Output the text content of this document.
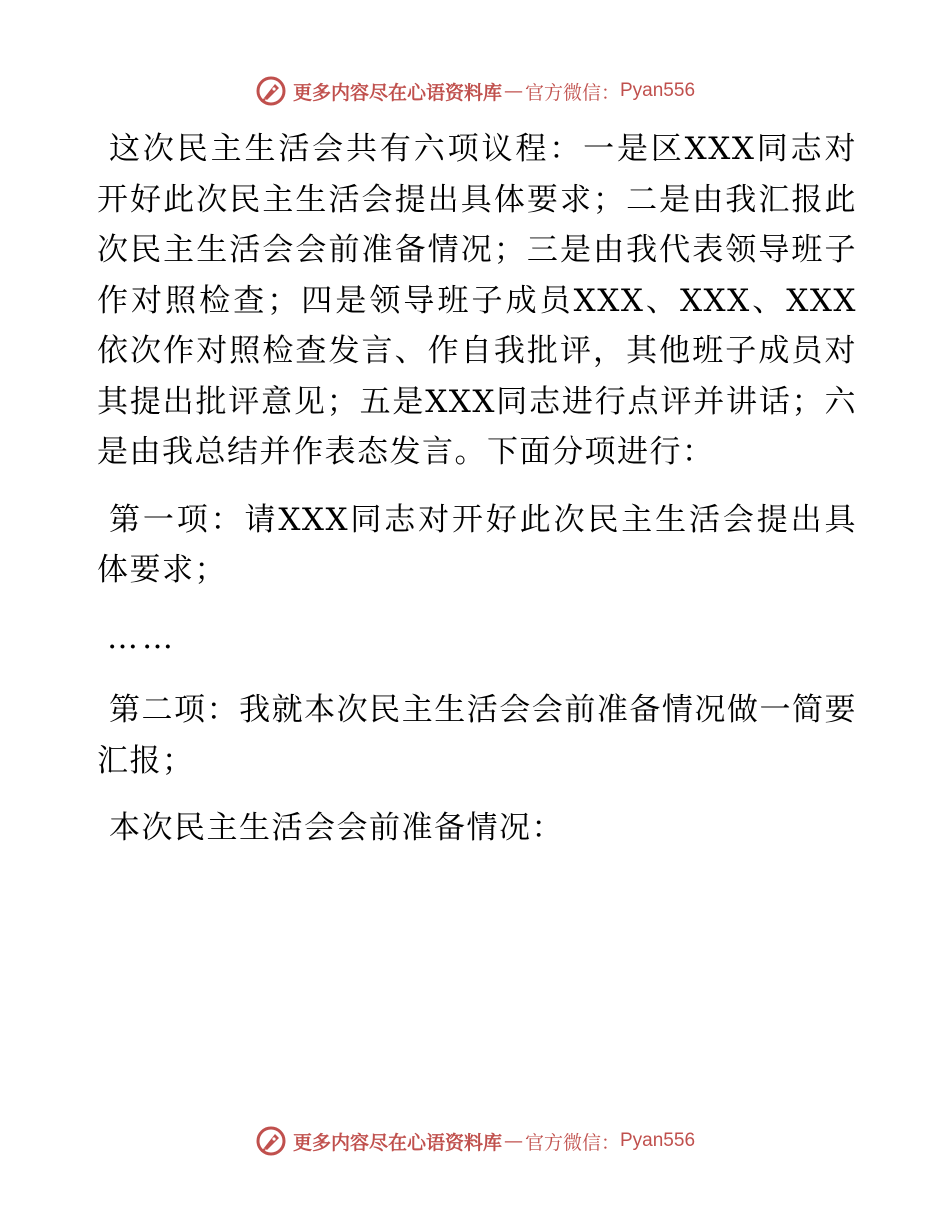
更多内容尽在心语资料库 — 官方微信： Pyan556

这次民主生活会共有六项议程：一是区XXX同志对开好此次民主生活会提出具体要求；二是由我汇报此次民主生活会会前准备情况；三是由我代表领导班子作对照检查；四是领导班子成员XXX、XXX、XXX依次作对照检查发言、作自我批评，其他班子成员对其提出批评意见；五是XXX同志进行点评并讲话；六是由我总结并作表态发言。下面分项进行：

第一项：请XXX同志对开好此次民主生活会提出具体要求；

……

第二项：我就本次民主生活会会前准备情况做一简要汇报；

本次民主生活会会前准备情况：

更多内容尽在心语资料库 — 官方微信： Pyan556
